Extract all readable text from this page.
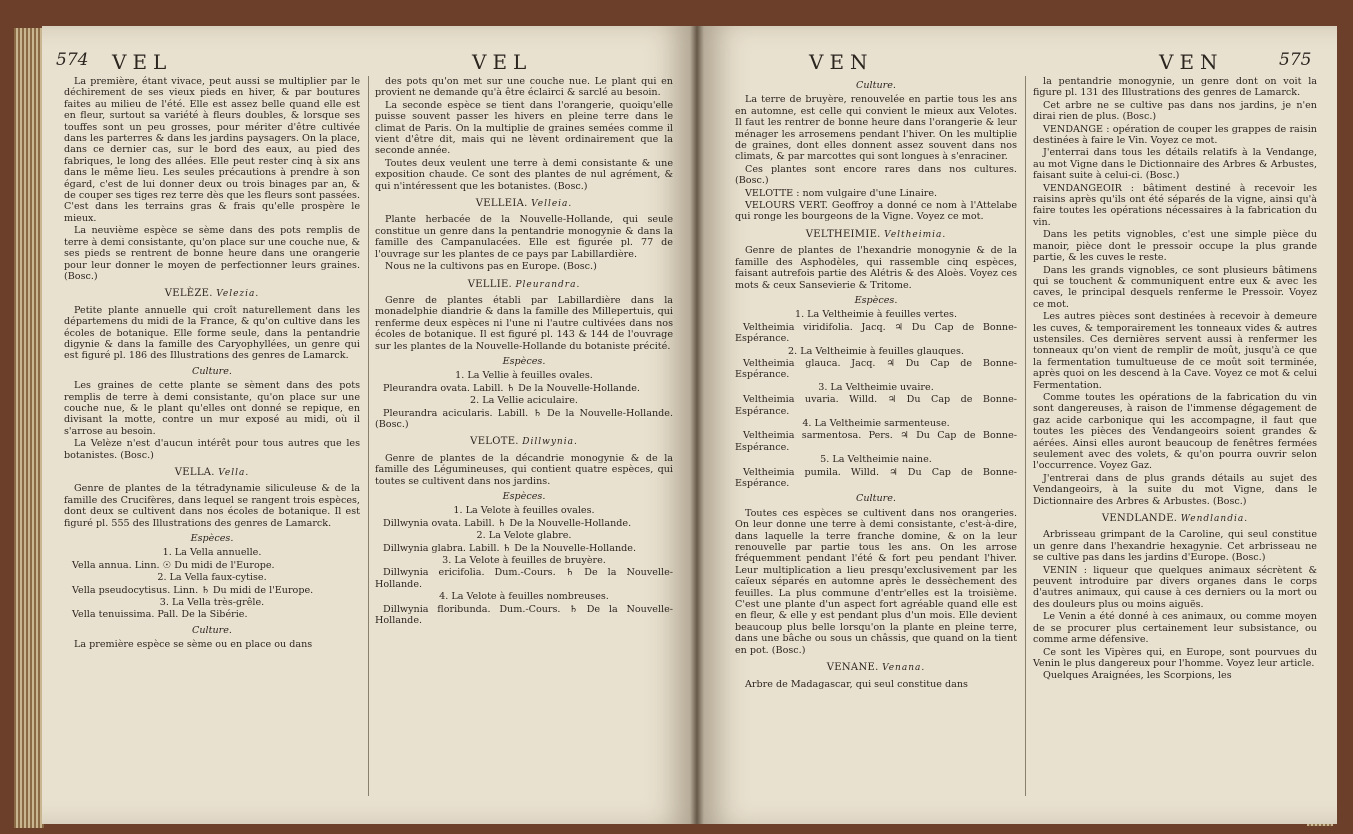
574 VEL	VEL

La première, étant vivace, peut aussi se multiplier par le déchirement de ses vieux pieds en hiver, & par boutures faites au milieu de l'été. Elle est assez belle quand elle est en fleur, surtout sa variété à fleurs doubles, & lorsque ses touffes sont un peu grosses, pour mériter d'être cultivée dans les parterres & dans les jardins paysagers. On la place, dans ce dernier cas, sur le bord des eaux, au pied des fabriques, le long des allées. Elle peut rester cinq à six ans dans le même lieu. Les seules précautions à prendre à son égard, c'est de lui donner deux ou trois binages par an, & de couper ses tiges rez terre dès que les fleurs sont passées. C'est dans les terrains gras & frais qu'elle prospère le mieux.

La neuvième espèce se sème dans des pots remplis de terre à demi consistante, qu'on place sur une couche nue, & ses pieds se rentrent de bonne heure dans une orangerie pour leur donner le moyen de perfectionner leurs graines. (Bosc.)

VELÈZE. Velezia.

Petite plante annuelle qui croît naturellement dans les départemens du midi de la France, & qu'on cultive dans les écoles de botanique. Elle forme seule, dans la pentandrie digynie & dans la famille des Caryophyllées, un genre qui est figuré pl. 186 des Illustrations des genres de Lamarck.

Culture.

Les graines de cette plante se sèment dans des pots remplis de terre à demi consistante, qu'on place sur une couche nue, & le plant qu'elles ont donné se repique, en divisant la motte, contre un mur exposé au midi, où il s'arrose au besoin.

La Velèze n'est d'aucun intérêt pour tous autres que les botanistes. (Bosc.)

VELLA. Vella.

Genre de plantes de la tétradynamie siliculeuse & de la famille des Crucifères, dans lequel se rangent trois espèces, dont deux se cultivent dans nos écoles de botanique. Il est figuré pl. 555 des Illustrations des genres de Lamarck.

Espèces.

1. La Vella annuelle.

Vella annua. Linn. ☉ Du midi de l'Europe.

2. La Vella faux-cytise.

Vella pseudocytisus. Linn. ♄ Du midi de l'Europe.

3. La Vella très-grêle.

Vella tenuissima. Pall. De la Sibérie.

Culture.

La première espèce se sème ou en place ou dans

des pots qu'on met sur une couche nue. Le plant qui en provient ne demande qu'à être éclairci & sarclé au besoin.

La seconde espèce se tient dans l'orangerie, quoiqu'elle puisse souvent passer les hivers en pleine terre dans le climat de Paris. On la multiplie de graines semées comme il vient d'être dit, mais qui ne lèvent ordinairement que la seconde année.

Toutes deux veulent une terre à demi consistante & une exposition chaude. Ce sont des plantes de nul agrément, & qui n'intéressent que les botanistes. (Bosc.)

VELLEIA. Velleia.

Plante herbacée de la Nouvelle-Hollande, qui seule constitue un genre dans la pentandrie monogynie & dans la famille des Campanulacées. Elle est figurée pl. 77 de l'ouvrage sur les plantes de ce pays par Labillardière.

Nous ne la cultivons pas en Europe. (Bosc.)

VELLIE. Pleurandra.

Genre de plantes établi par Labillardière dans la monadelphie diandrie & dans la famille des Millepertuis, qui renferme deux espèces ni l'une ni l'autre cultivées dans nos écoles de botanique. Il est figuré pl. 143 & 144 de l'ouvrage sur les plantes de la Nouvelle-Hollande du botaniste précité.

Espèces.

1. La Vellie à feuilles ovales.

Pleurandra ovata. Labill. ♄ De la Nouvelle-Hollande.

2. La Vellie aciculaire.

Pleurandra acicularis. Labill. ♄ De la Nouvelle-Hollande. (Bosc.)

VELOTE. Dillwynia.

Genre de plantes de la décandrie monogynie & de la famille des Légumineuses, qui contient quatre espèces, qui toutes se cultivent dans nos jardins.

Espèces.

1. La Velote à feuilles ovales.

Dillwynia ovata. Labill. ♄ De la Nouvelle-Hollande.

2. La Velote glabre.

Dillwynia glabra. Labill. ♄ De la Nouvelle-Hollande.

3. La Velote à feuilles de bruyère.

Dillwynia ericifolia. Dum.-Cours. ♄ De la Nouvelle-Hollande.

4. La Velote à feuilles nombreuses.

Dillwynia floribunda. Dum.-Cours. ♄ De la Nouvelle-Hollande.

VEN	VEN	575

Culture.

La terre de bruyère, renouvelée en partie tous les ans en automne, est celle qui convient le mieux aux Velotes. Il faut les rentrer de bonne heure dans l'orangerie & leur ménager les arrosemens pendant l'hiver. On les multiplie de graines, dont elles donnent assez souvent dans nos climats, & par marcottes qui sont longues à s'enraciner.

Ces plantes sont encore rares dans nos cultures. (Bosc.)

VELOTTE : nom vulgaire d'une Linaire.

VELOURS VERT. Geoffroy a donné ce nom à l'Attelabe qui ronge les bourgeons de la Vigne. Voyez ce mot.

VELTHEIMIE. Veltheimia.

Genre de plantes de l'hexandrie monogynie & de la famille des Asphodèles, qui rassemble cinq espèces, faisant autrefois partie des Alétris & des Aloès. Voyez ces mots & ceux Sansevierie & Tritome.

Espèces.

1. La Veltheimie à feuilles vertes.

Veltheimia viridifolia. Jacq. ♃ Du Cap de Bonne-Espérance.

2. La Veltheimie à feuilles glauques.

Veltheimia glauca. Jacq. ♃ Du Cap de Bonne-Espérance.

3. La Veltheimie uvaire.

Veltheimia uvaria. Willd. ♃ Du Cap de Bonne-Espérance.

4. La Veltheimie sarmenteuse.

Veltheimia sarmentosa. Pers. ♃ Du Cap de Bonne-Espérance.

5. La Veltheimie naine.

Veltheimia pumila. Willd. ♃ Du Cap de Bonne-Espérance.

Culture.

Toutes ces espèces se cultivent dans nos orangeries. On leur donne une terre à demi consistante, c'est-à-dire, dans laquelle la terre franche domine, & on la leur renouvelle par partie tous les ans. On les arrose fréquemment pendant l'été & fort peu pendant l'hiver. Leur multiplication a lieu presqu'exclusivement par les caïeux séparés en automne après le dessèchement des feuilles. La plus commune d'entr'elles est la troisième. C'est une plante d'un aspect fort agréable quand elle est en fleur, & elle y est pendant plus d'un mois. Elle devient beaucoup plus belle lorsqu'on la plante en pleine terre, dans une bâche ou sous un châssis, que quand on la tient en pot. (Bosc.)

VENANE. Venana.

Arbre de Madagascar, qui seul constitue dans

la pentandrie monogynie, un genre dont on voit la figure pl. 131 des Illustrations des genres de Lamarck.

Cet arbre ne se cultive pas dans nos jardins, je n'en dirai rien de plus. (Bosc.)

VENDANGE : opération de couper les grappes de raisin destinées à faire le Vin. Voyez ce mot.

J'enterrai dans tous les détails relatifs à la Vendange, au mot Vigne dans le Dictionnaire des Arbres & Arbustes, faisant suite à celui-ci. (Bosc.)

VENDANGEOIR : bâtiment destiné à recevoir les raisins après qu'ils ont été séparés de la vigne, ainsi qu'à faire toutes les opérations nécessaires à la fabrication du vin.

Dans les petits vignobles, c'est une simple pièce du manoir, pièce dont le pressoir occupe la plus grande partie, & les cuves le reste.

Dans les grands vignobles, ce sont plusieurs bâtimens qui se touchent & communiquent entre eux & avec les caves, le principal desquels renferme le Pressoir. Voyez ce mot.

Les autres pièces sont destinées à recevoir à demeure les cuves, & temporairement les tonneaux vides & autres ustensiles. Ces dernières servent aussi à renfermer les tonneaux qu'on vient de remplir de moût, jusqu'à ce que la fermentation tumultueuse de ce moût soit terminée, après quoi on les descend à la Cave. Voyez ce mot & celui Fermentation.

Comme toutes les opérations de la fabrication du vin sont dangereuses, à raison de l'immense dégagement de gaz acide carbonique qui les accompagne, il faut que toutes les pièces des Vendangeoirs soient grandes & aérées. Ainsi elles auront beaucoup de fenêtres fermées seulement avec des volets, & qu'on pourra ouvrir selon l'occurrence. Voyez Gaz.

J'entrerai dans de plus grands détails au sujet des Vendangeoirs, à la suite du mot Vigne, dans le Dictionnaire des Arbres & Arbustes. (Bosc.)

VENDLANDE. Wendlandia.

Arbrisseau grimpant de la Caroline, qui seul constitue un genre dans l'hexandrie hexagynie. Cet arbrisseau ne se cultive pas dans les jardins d'Europe. (Bosc.)

VENIN : liqueur que quelques animaux sécrètent & peuvent introduire par divers organes dans le corps d'autres animaux, qui cause à ces derniers ou la mort ou des douleurs plus ou moins aiguës.

Le Venin a été donné à ces animaux, ou comme moyen de se procurer plus certainement leur subsistance, ou comme arme défensive.

Ce sont les Vipères qui, en Europe, sont pourvues du Venin le plus dangereux pour l'homme. Voyez leur article.

Quelques Araignées, les Scorpions, les
